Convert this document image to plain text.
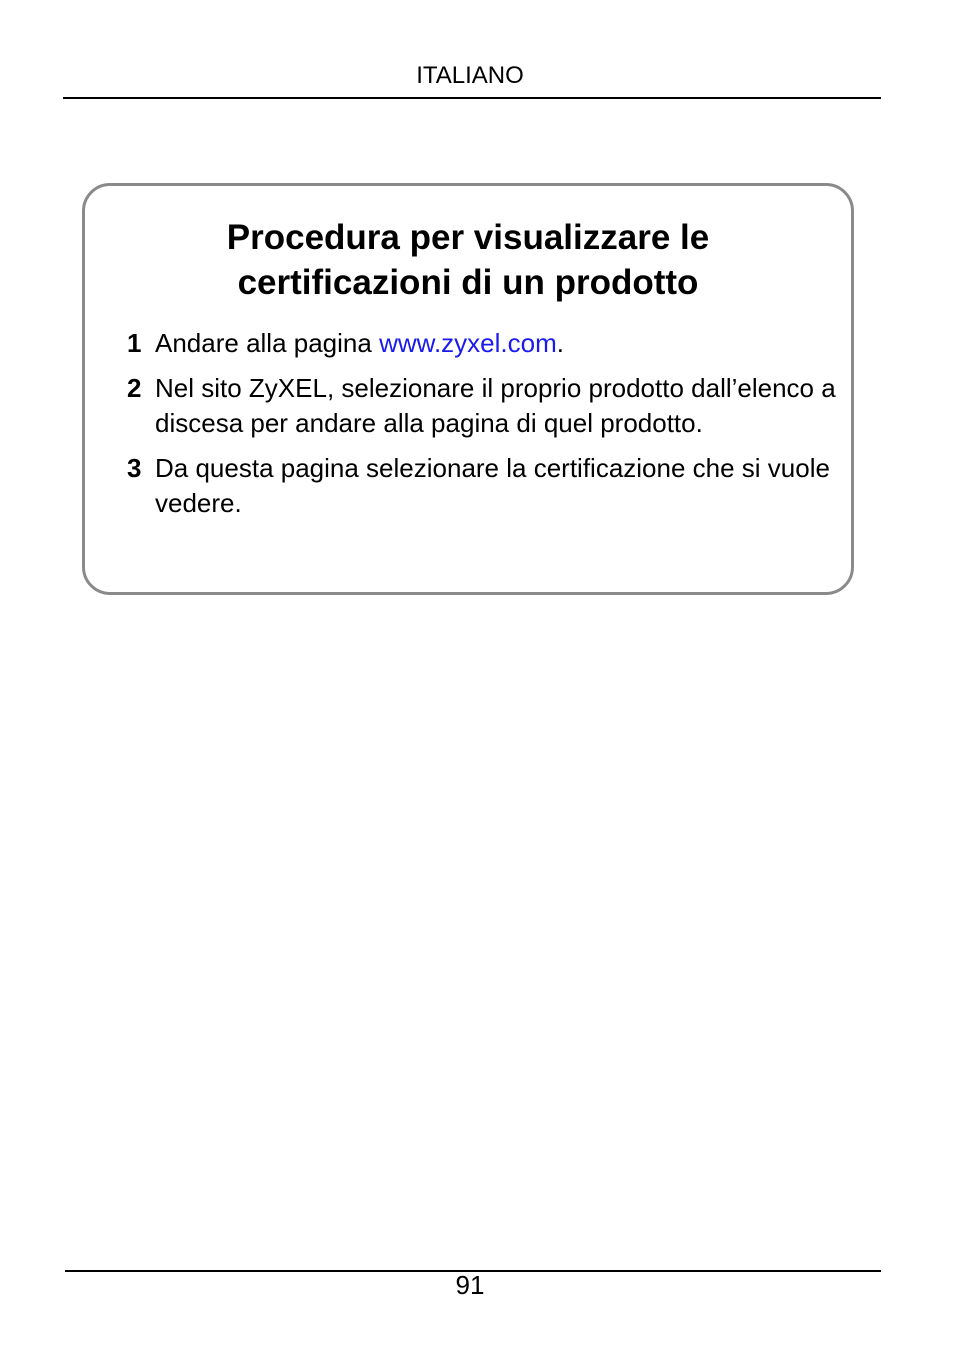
ITALIANO
Procedura per visualizzare le
certificazioni di un prodotto
1 Andare alla pagina www.zyxel.com.
2 Nel sito ZyXEL, selezionare il proprio prodotto dall’elenco a discesa per andare alla pagina di quel prodotto.
3 Da questa pagina selezionare la certificazione che si vuole vedere.
91
